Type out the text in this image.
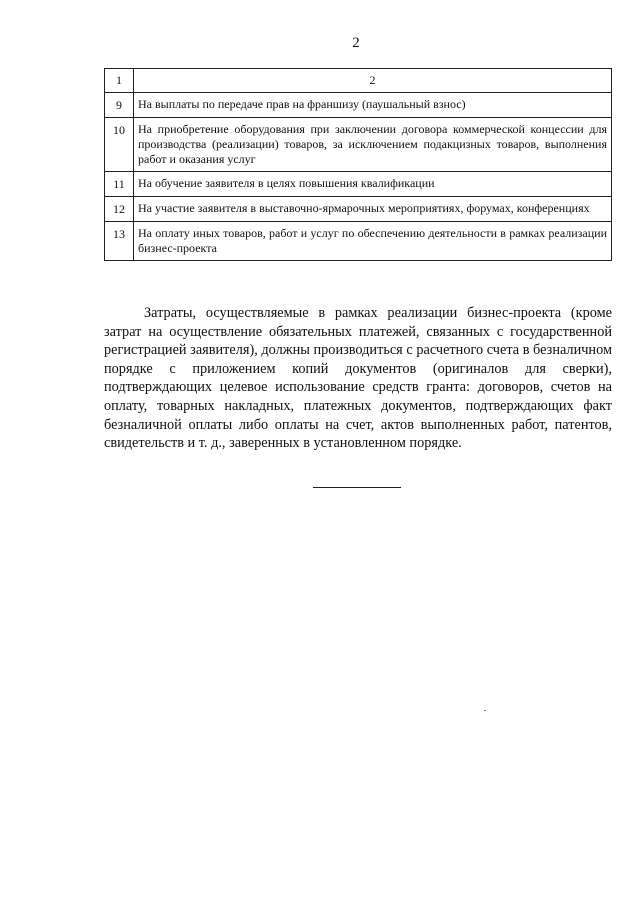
2
1	2
9	На выплаты по передаче прав на франшизу (паушальный взнос)
10	На приобретение оборудования при заключении договора коммерческой концессии для производства (реализации) товаров, за исключением подакцизных товаров, выполнения работ и оказания услуг
11	На обучение заявителя в целях повышения квалификации
12	На участие заявителя в выставочно-ярмарочных мероприятиях, форумах, конференциях
13	На оплату иных товаров, работ и услуг по обеспечению деятельности в рамках реализации бизнес-проекта
Затраты, осуществляемые в рамках реализации бизнес-проекта (кроме затрат на осуществление обязательных платежей, связанных с государственной регистрацией заявителя), должны производиться с расчетного счета в безналичном порядке с приложением копий документов (оригиналов для сверки), подтверждающих целевое использование средств гранта: договоров, счетов на оплату, товарных накладных, платежных документов, подтверждающих факт безналичной оплаты либо оплаты на счет, актов выполненных работ, патентов, свидетельств и т. д., заверенных в установленном порядке.
